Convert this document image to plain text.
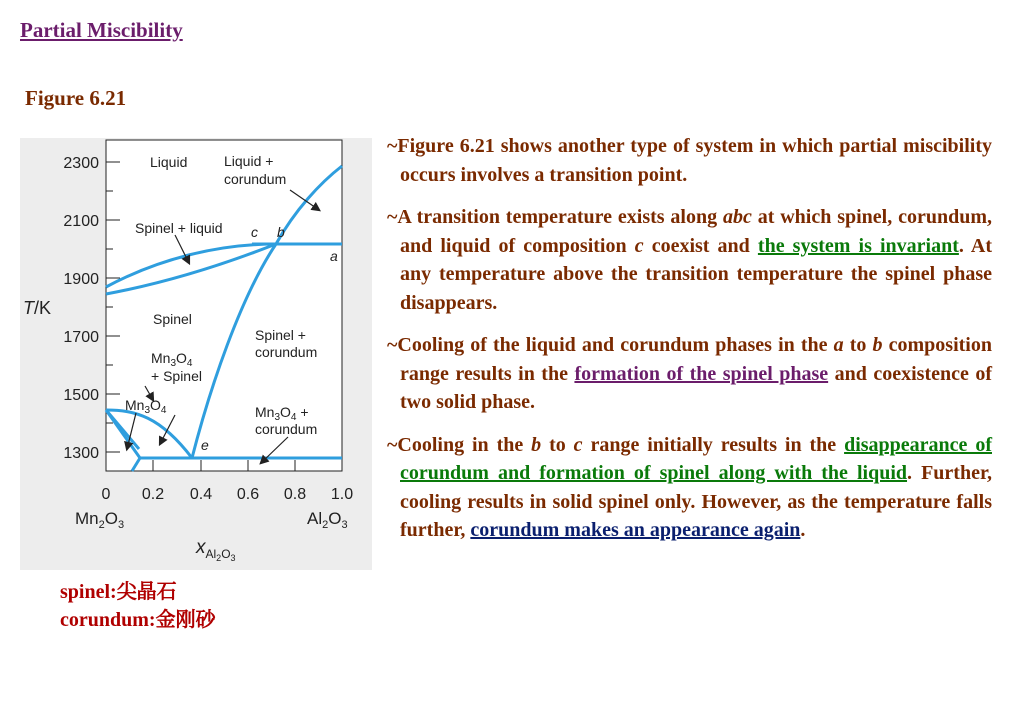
Partial Miscibility
Figure 6.21
2300
2100
1900
1700
1500
1300
T/K
0 0.2 0.4 0.6 0.8 1.0
$Mn_2O_3$	$Al_2O_3$
$x_{Al}2O3$
Liquid	Liquid +
corundum
Spinel + liquid
Spinel
Spinel +
corundum
$Mn_3O_4$
+ Spinel
$Mn_3O_4$	$Mn_3O_4$ +
corundum
c b
a
e
spinel:尖晶石
corundum:金刚砂

~Figure 6.21 shows another type of system in which partial miscibility occurs involves a transition point.

~A transition temperature exists along abc at which spinel, corundum, and liquid of composition c coexist and the system is invariant. At any temperature above the transition temperature the spinel phase disappears.

~Cooling of the liquid and corundum phases in the a to b composition range results in the formation of the spinel phase and coexistence of two solid phase.

~Cooling in the b to c range initially results in the disappearance of corundum and formation of spinel along with the liquid. Further, cooling results in solid spinel only. However, as the temperature falls further, corundum makes an appearance again.
